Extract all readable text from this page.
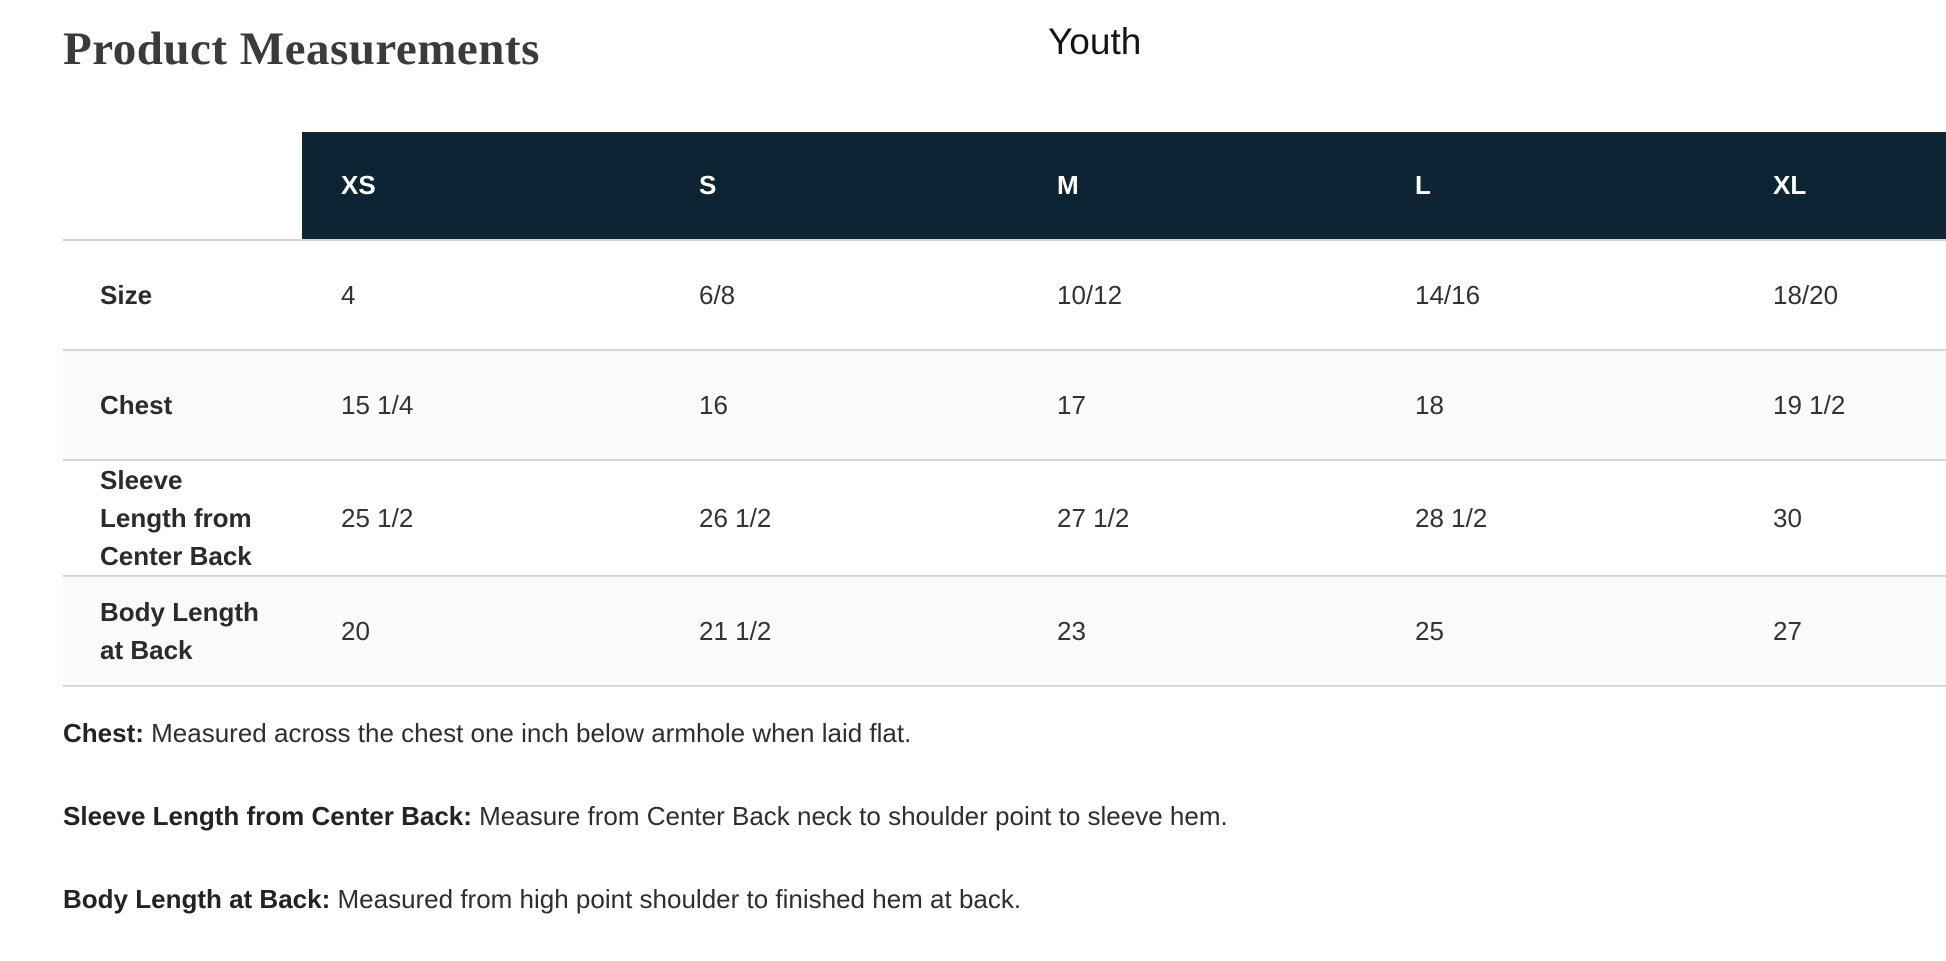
Product Measurements	Youth
	XS	S	M	L	XL
Size	4	6/8	10/12	14/16	18/20
Chest	15 1/4	16	17	18	19 1/2
Sleeve Length from Center Back	25 1/2	26 1/2	27 1/2	28 1/2	30
Body Length at Back	20	21 1/2	23	25	27

Chest: Measured across the chest one inch below armhole when laid flat.

Sleeve Length from Center Back: Measure from Center Back neck to shoulder point to sleeve hem.

Body Length at Back: Measured from high point shoulder to finished hem at back.
